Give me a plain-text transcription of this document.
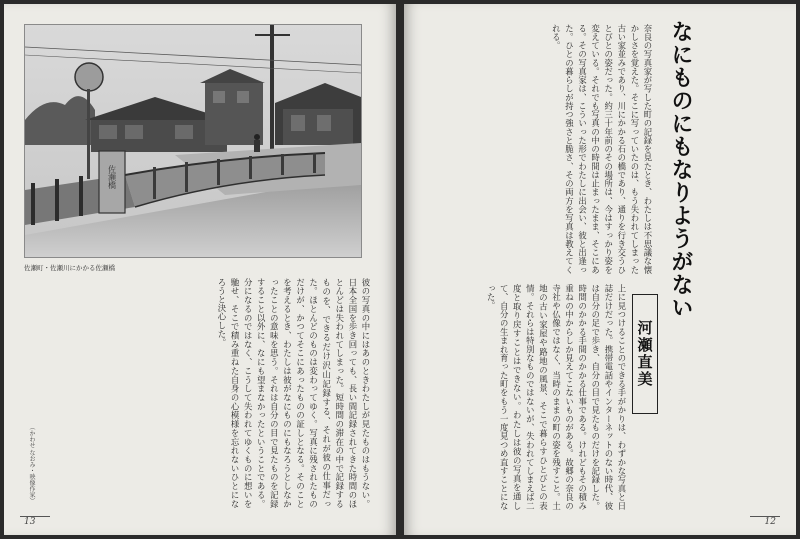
佐瀬橋
佐瀬町・佐瀬川にかかる佐瀬橋
彼の写真の中にはあのときわたしが見たものはもうない。日本全国を歩き回っても、長い間記録されてきた時間のほとんどは失われてしまった。短時間の滞在の中で記録するものを、できるだけ沢山記録する、それが彼の仕事だった。ほとんどのものは変わってゆく。写真に残されたものだけが、かつてそこにあったものの証しとなる。そのことを考えるとき、わたしは彼がなにものにもなろうとしなかったことの意味を思う。それは自分の目で見たものを記録すること以外に、なにも望まなかったということである。分になるのではなく、こうして失われてゆくものに想いを馳せ、そこで積み重ねた自身の心模様を忘れないひとになろうと決心した。
（かわせ なおみ・映像作家）
13
なにものにもなりようがない
河瀬直美
奈良の写真家が写した町の記録を見たとき、わたしは不思議な懐かしさを覚えた。そこに写っていたのは、もう失われてしまった古い家並みであり、川にかかる石の橋であり、通りを行き交うひとびとの姿だった。約三十年前のその場所は、今はすっかり姿を変えている。それでも写真の中の時間は止まったまま、そこにある。その写真家は、こういった形でわたしに出会い、彼と出逢った。ひとの暮らしが持つ強さと脆さ、その両方を写真は教えてくれる。
上に見つけることのできる手がかりは、わずかな写真と日誌だけだった。携帯電話やインターネットのない時代、彼は自分の足で歩き、自分の目で見たものだけを記録した。時間のかかる手間のかかる仕事である。けれどもその積み重ねの中からしか見えてこないものがある。故郷の奈良の寺社や仏像ではなく、当時のままの町の姿を残すこと。土地の古い家屋や路地の風景、そこで暮らすひとびとの表情。それらは特別なものではないが、失われてしまえば二度と取り戻すことはできない。わたしは彼の写真を通して、自分の生まれ育った町をもう一度見つめ直すことになった。
12
